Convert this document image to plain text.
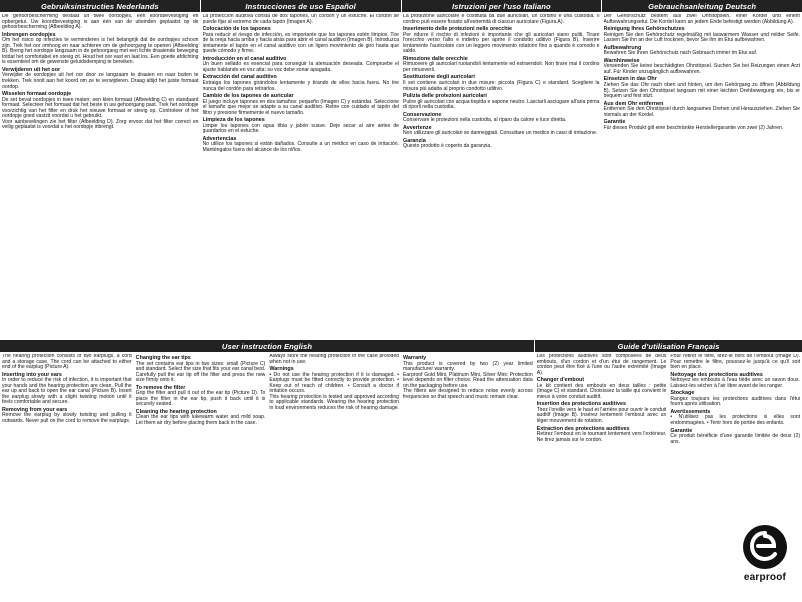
Gebruiksinstructies Nederlands	Instrucciones de uso Español	Istruzioni per l'uso Italiano	Gebrauchsanleitung Deutsch

De gehoorbescherming bestaat uit twee oordopjes, een koordbevestiging en opbergetui. Uw koordbevestiging is aan één van de uiteinden geplaatst op de gehoorbescherming (Afbeelding A).

Inbrengen oordopjes

Om het risico op infecties te verminderen is het belangrijk dat de oordopjes schoon zijn. Trek het oor omhoog en naar achteren om de gehoorgang te openen (Afbeelding B). Breng het oordopje langzaam in de gehoorgang met een lichte draaiende beweging totdat het comfortabel en stevig zit. Houd het oor vast en laat los. Een goede afdichting is essentieel om de gewenste geluidsdemping te bereiken.

Verwijderen uit het oor

Verwijder de oordopjes uit het oor door ze langzaam te draaien en naar buiten te trekken. Trek nooit aan het koord om ze te verwijderen. Draag altijd het juiste formaat oordop.

Wisselen formaat oordopje

De set bevat oordopjes in twee maten: een klein formaat (Afbeelding C) en standaard formaat. Selecteer het formaat dat het beste in uw gehoorgang past. Trek het oordopje voorzichtig van het filter en druk het nieuwe formaat er stevig op. Controleer of het oordopje goed vastzit voordat u het gebruikt.

Voor aanbevelingen zie het filter (Afbeelding D). Zorg ervoor dat het filter correct en veilig geplaatst is voordat u het oordopje inbrengt.

La protección auditiva consta de dos tapones, un cordón y un estuche. El cordón se puede fijar al extremo de cada tapón (Imagen A).

Colocación de los tapones

Para reducir el riesgo de infección, es importante que los tapones estén limpios. Tire de la oreja hacia arriba y hacia atrás para abrir el canal auditivo (Imagen B). Introduzca lentamente el tapón en el canal auditivo con un ligero movimiento de giro hasta que quede cómodo y firme.

Introducción en el canal auditivo

Un buen sellado es esencial para conseguir la atenuación deseada. Compruebe el ajuste hablando en voz alta: su voz debe sonar apagada.

Extracción del canal auditivo

Extraiga los tapones girándolos lentamente y tirando de ellos hacia fuera. No tire nunca del cordón para retirarlos.

Cambio de los tapones de auricular

El juego incluye tapones en dos tamaños: pequeño (Imagen C) y estándar. Seleccione el tamaño que mejor se adapte a su canal auditivo. Retire con cuidado el tapón del filtro y presione firmemente el nuevo tamaño.

Limpieza de los tapones

Limpie los tapones con agua tibia y jabón suave. Deje secar al aire antes de guardarlos en el estuche.

Advertencias

No utilice los tapones si están dañados. Consulte a un médico en caso de irritación. Manténgalos fuera del alcance de los niños.

La protezione auricolare è costituita da due auricolari, un cordino e una custodia. Il cordino può essere fissato all'estremità di ciascun auricolare (Figura A).

Inserimento delle protezioni nelle orecchie

Per ridurre il rischio di infezioni è importante che gli auricolari siano puliti. Tirare l'orecchio verso l'alto e indietro per aprire il condotto uditivo (Figura B). Inserire lentamente l'auricolare con un leggero movimento rotatorio fino a quando è comodo e saldo.

Rimozione dalle orecchie

Rimuovere gli auricolari ruotandoli lentamente ed estraendoli. Non tirare mai il cordino per rimuoverli.

Sostituzione degli auricolari

Il set contiene auricolari in due misure: piccola (Figura C) e standard. Scegliere la misura più adatta al proprio condotto uditivo.

Pulizia delle protezioni auricolari

Pulire gli auricolari con acqua tiepida e sapone neutro. Lasciarli asciugare all'aria prima di riporli nella custodia.

Conservazione

Conservare le protezioni nella custodia, al riparo da calore e luce diretta.

Avvertenze

Non utilizzare gli auricolari se danneggiati. Consultare un medico in caso di irritazione.

Garanzia

Questo prodotto è coperto da garanzia.

Der Gehörschutz besteht aus zwei Ohrstöpseln, einer Kordel und einem Aufbewahrungsetui. Die Kordel kann an jedem Ende befestigt werden (Abbildung A).

Reinigung Ihres Gehörschutzes

Reinigen Sie den Gehörschutz regelmäßig mit lauwarmem Wasser und milder Seife. Lassen Sie ihn an der Luft trocknen, bevor Sie ihn im Etui aufbewahren.

Aufbewahrung

Bewahren Sie Ihren Gehörschutz nach Gebrauch immer im Etui auf.

Warnhinweise

Verwenden Sie keine beschädigten Ohrstöpsel. Suchen Sie bei Reizungen einen Arzt auf. Für Kinder unzugänglich aufbewahren.

Einsetzen in das Ohr

Ziehen Sie das Ohr nach oben und hinten, um den Gehörgang zu öffnen (Abbildung B). Setzen Sie den Ohrstöpsel langsam mit einer leichten Drehbewegung ein, bis er bequem und fest sitzt.

Aus dem Ohr entfernen

Entfernen Sie den Ohrstöpsel durch langsames Drehen und Herausziehen. Ziehen Sie niemals an der Kordel.

Garantie

Für dieses Produkt gilt eine beschränkte Herstellergarantie von zwei (2) Jahren.

User instruction English	Guide d'utilisation Français

The hearing protection consists of two earplugs, a cord and a storage case. The cord can be attached to either end of the earplug (Picture A).

Inserting into your ears

In order to reduce the risk of infection, it is important that your hands and the hearing protection are clean. Pull the ear up and back to open the ear canal (Picture B). Insert the earplug slowly with a slight twisting motion until it feels comfortable and secure.

Removing from your ears

Remove the earplug by slowly twisting and pulling it outwards. Never pull on the cord to remove the earplugs.

Changing the ear tips

The set contains ear tips in two sizes: small (Picture C) and standard. Select the size that fits your ear canal best. Carefully pull the ear tip off the filter and press the new size firmly onto it.

To remove the filter

Grip the filter and pull it out of the ear tip (Picture D). To place the filter in the ear tip, push it back until it is securely seated.

Cleaning the hearing protection

Clean the ear tips with lukewarm water and mild soap. Let them air dry before placing them back in the case.

Always store the hearing protection in the case provided when not in use.

Warnings

• Do not use the hearing protection if it is damaged. • Earplugs must be fitted correctly to provide protection. • Keep out of reach of children. • Consult a doctor if irritation occurs.

This hearing protection is tested and approved according to applicable standards. Wearing the hearing protection in loud environments reduces the risk of hearing damage.

Warranty

This product is covered by two (2) year limited manufacturer warranty.

Earproof Gold Mini, Platinum Mini, Silver Mini: Protection level depends on filter choice. Read the attenuation data on the packaging before use.

The filters are designed to reduce noise evenly across frequencies so that speech and music remain clear.

Les protections auditives sont composées de deux embouts, d'un cordon et d'un étui de rangement. Le cordon peut être fixé à l'une ou l'autre extrémité (Image A).

Changer d'embout

Le kit contient des embouts en deux tailles : petite (Image C) et standard. Choisissez la taille qui convient le mieux à votre conduit auditif.

Insertion des protections auditives

Tirez l'oreille vers le haut et l'arrière pour ouvrir le conduit auditif (Image B). Insérez lentement l'embout avec un léger mouvement de rotation.

Extraction des protections auditives

Retirez l'embout en le tournant lentement vers l'extérieur. Ne tirez jamais sur le cordon.

Pour retirer le filtre, tirez-le hors de l'embout (Image D). Pour remettre le filtre, poussez-le jusqu'à ce qu'il soit bien en place.

Nettoyage des protections auditives

Nettoyez les embouts à l'eau tiède avec un savon doux. Laissez-les sécher à l'air libre avant de les ranger.

Stockage

Rangez toujours les protections auditives dans l'étui fourni après utilisation.

Avertissements

• N'utilisez pas les protections si elles sont endommagées. • Tenir hors de portée des enfants.

Garantie

Ce produit bénéficie d'une garantie limitée de deux (2) ans.

earproof
